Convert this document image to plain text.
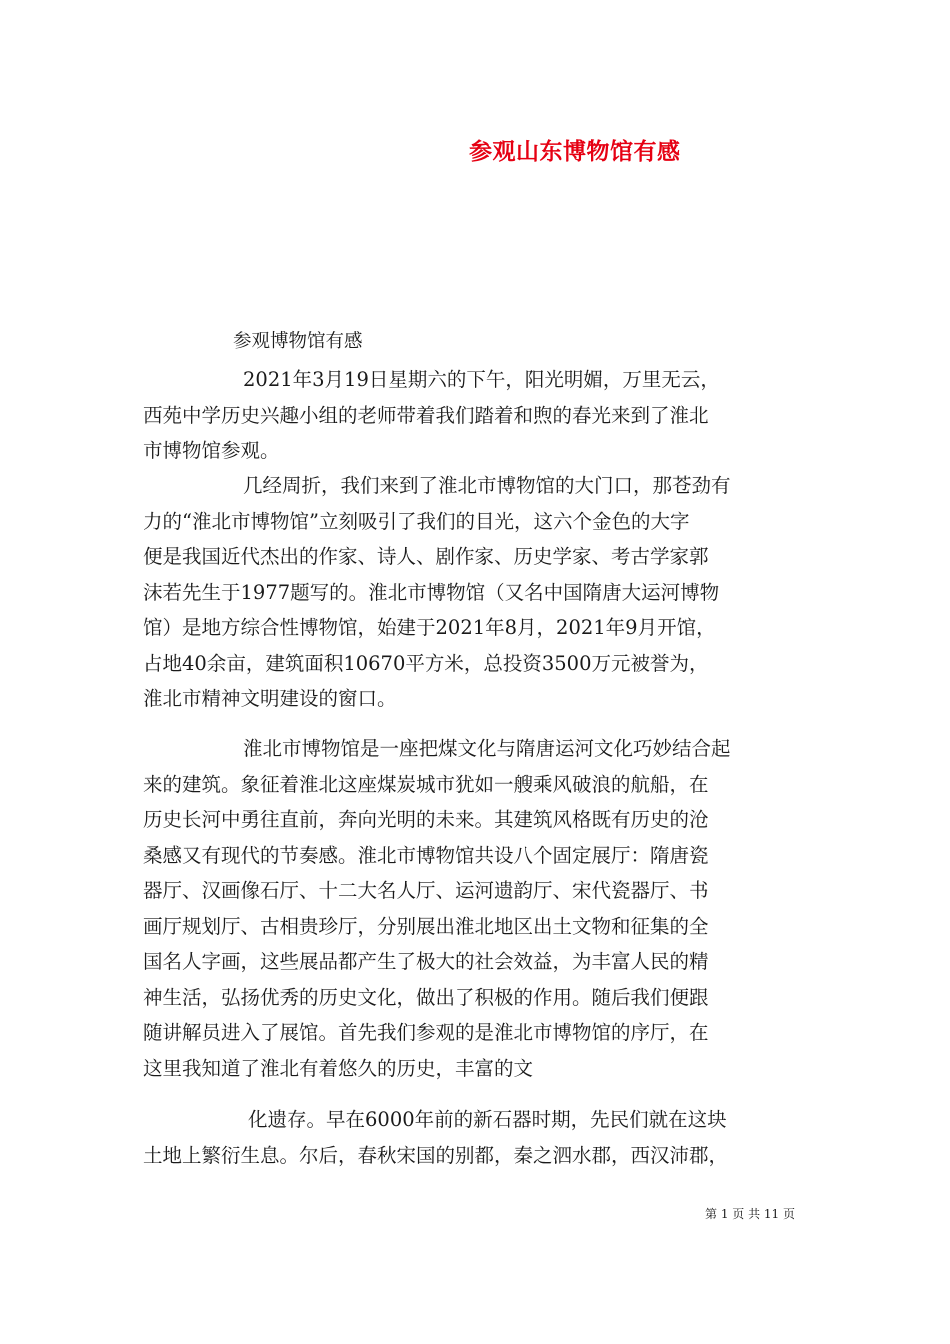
参观山东博物馆有感
参观博物馆有感
2021年3月19日星期六的下午，阳光明媚，万里无云，
西苑中学历史兴趣小组的老师带着我们踏着和煦的春光来到了淮北
市博物馆参观。
几经周折，我们来到了淮北市博物馆的大门口，那苍劲有
力的“淮北市博物馆”立刻吸引了我们的目光，这六个金色的大字
便是我国近代杰出的作家、诗人、剧作家、历史学家、考古学家郭
沫若先生于1977题写的。淮北市博物馆（又名中国隋唐大运河博物
馆）是地方综合性博物馆，始建于2021年8月，2021年9月开馆，
占地40余亩，建筑面积10670平方米，总投资3500万元被誉为，
淮北市精神文明建设的窗口。
淮北市博物馆是一座把煤文化与隋唐运河文化巧妙结合起
来的建筑。象征着淮北这座煤炭城市犹如一艘乘风破浪的航船，在
历史长河中勇往直前，奔向光明的未来。其建筑风格既有历史的沧
桑感又有现代的节奏感。淮北市博物馆共设八个固定展厅：隋唐瓷
器厅、汉画像石厅、十二大名人厅、运河遗韵厅、宋代瓷器厅、书
画厅规划厅、古相贵珍厅，分别展出淮北地区出土文物和征集的全
国名人字画，这些展品都产生了极大的社会效益，为丰富人民的精
神生活，弘扬优秀的历史文化，做出了积极的作用。随后我们便跟
随讲解员进入了展馆。首先我们参观的是淮北市博物馆的序厅，在
这里我知道了淮北有着悠久的历史，丰富的文
化遗存。早在6000年前的新石器时期，先民们就在这块
土地上繁衍生息。尔后，春秋宋国的别都，秦之泗水郡，西汉沛郡，
第 1 页 共 11 页
